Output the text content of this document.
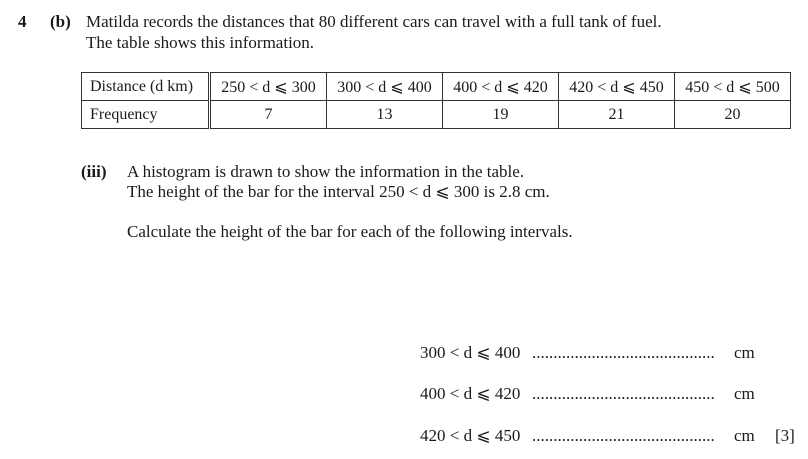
4 (b) Matilda records the distances that 80 different cars can travel with a full tank of fuel.
The table shows this information.
Distance (d km)	250 < d ⩽ 300	300 < d ⩽ 400	400 < d ⩽ 420	420 < d ⩽ 450	450 < d ⩽ 500
Frequency	7	13	19	21	20
(iii) A histogram is drawn to show the information in the table.
The height of the bar for the interval 250 < d ⩽ 300 is 2.8 cm.
Calculate the height of the bar for each of the following intervals.
300 < d ⩽ 400 ........................................... cm
400 < d ⩽ 420 ........................................... cm
420 < d ⩽ 450 ........................................... cm [3]
